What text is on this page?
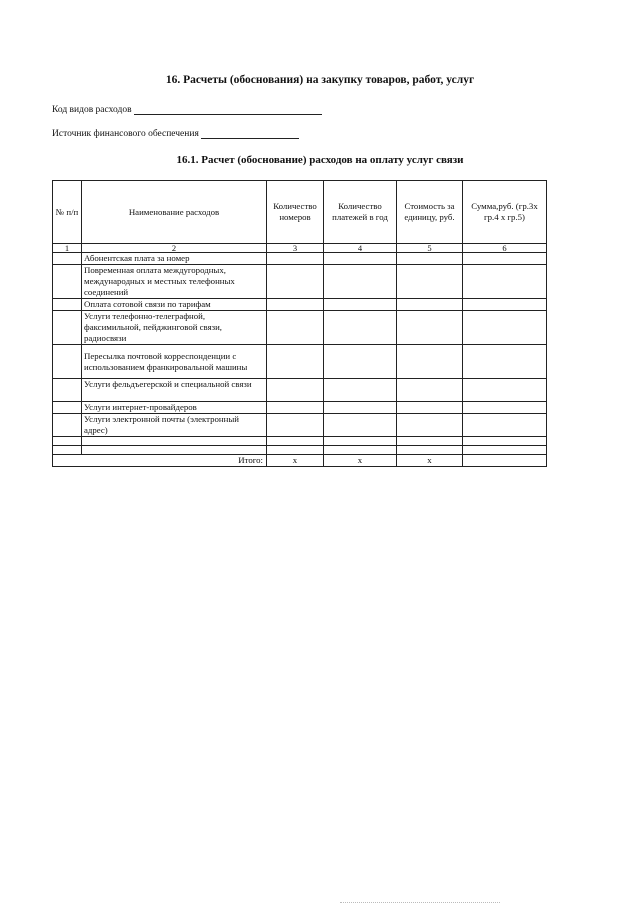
16. Расчеты (обоснования) на закупку товаров, работ, услуг
Код видов расходов
Источник финансового обеспечения
16.1. Расчет (обоснование) расходов на оплату услуг связи
№ п/п	Наименование расходов	Количество номеров	Количество платежей в год	Стоимость за единицу, руб.	Сумма,руб. (гр.3х гр.4 х гр.5)
1	2	3	4	5	6
	Абонентская плата за номер				
	Повременная оплата междугородных, международных и местных телефонных соединений				
	Оплата сотовой связи по тарифам				
	Услуги телефонно-телеграфной, факсимильной, пейджинговой связи, радиосвязи				
	Пересылка почтовой корреспонденции с использованием франкировальной машины				
	Услуги фельдъегерской и специальной связи				
	Услуги интернет-провайдеров				
	Услуги электронной почты (электронный адрес)				

Итого:		х	х	х	
